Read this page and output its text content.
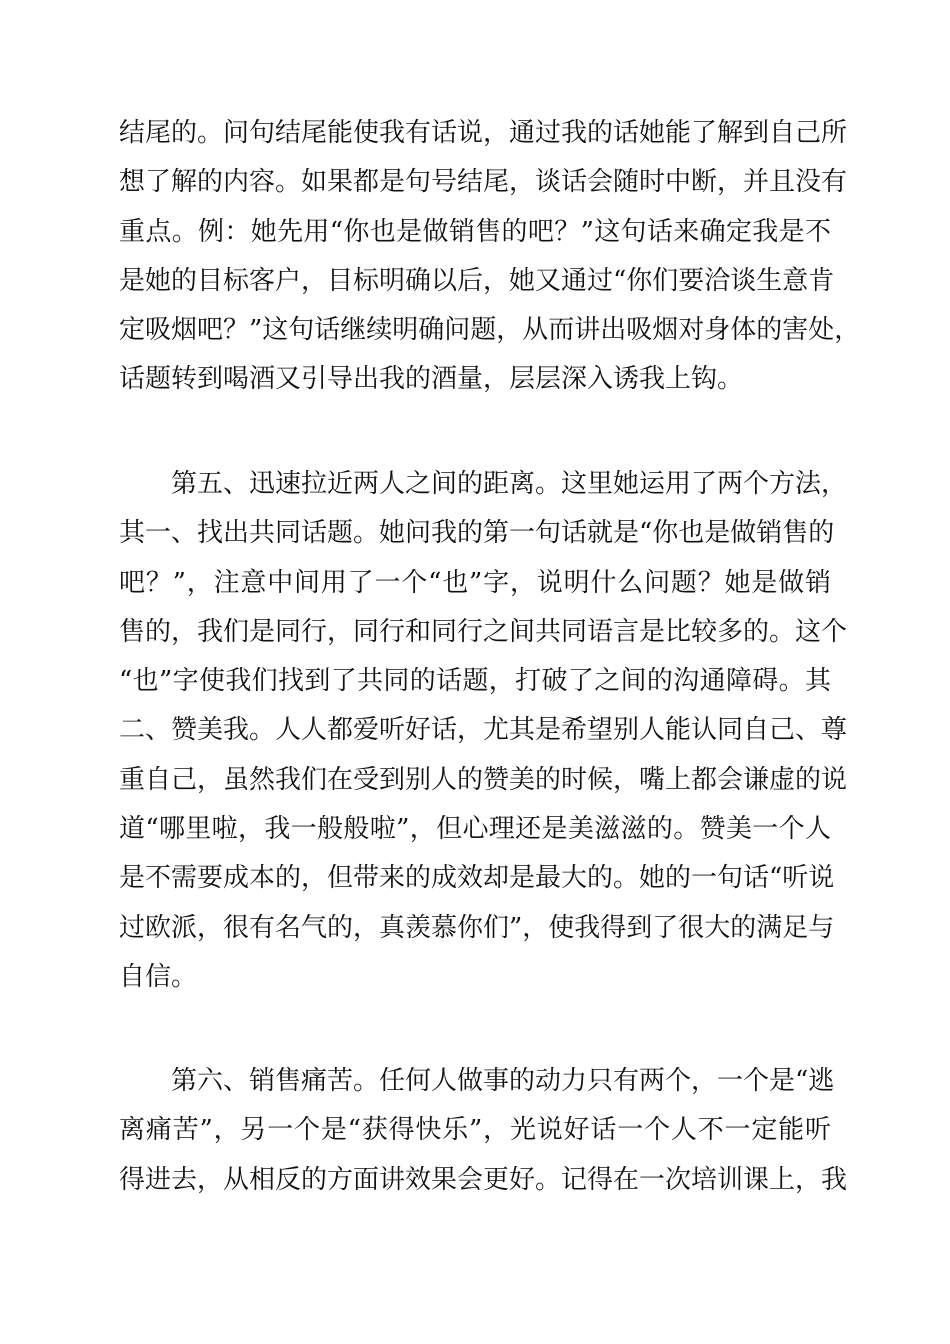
结尾的。问句结尾能使我有话说，通过我的话她能了解到自己所
想了解的内容。如果都是句号结尾，谈话会随时中断，并且没有
重点。例：她先用“你也是做销售的吧？”这句话来确定我是不
是她的目标客户，目标明确以后，她又通过“你们要洽谈生意肯
定吸烟吧？”这句话继续明确问题，从而讲出吸烟对身体的害处，
话题转到喝酒又引导出我的酒量，层层深入诱我上钩。
　　第五、迅速拉近两人之间的距离。这里她运用了两个方法，
其一、找出共同话题。她问我的第一句话就是“你也是做销售的
吧？”，注意中间用了一个“也”字，说明什么问题？她是做销
售的，我们是同行，同行和同行之间共同语言是比较多的。这个
“也”字使我们找到了共同的话题，打破了之间的沟通障碍。其
二、赞美我。人人都爱听好话，尤其是希望别人能认同自己、尊
重自己，虽然我们在受到别人的赞美的时候，嘴上都会谦虚的说
道“哪里啦，我一般般啦”，但心理还是美滋滋的。赞美一个人
是不需要成本的，但带来的成效却是最大的。她的一句话“听说
过欧派，很有名气的，真羡慕你们”，使我得到了很大的满足与
自信。
　　第六、销售痛苦。任何人做事的动力只有两个，一个是“逃
离痛苦”，另一个是“获得快乐”，光说好话一个人不一定能听
得进去，从相反的方面讲效果会更好。记得在一次培训课上，我
